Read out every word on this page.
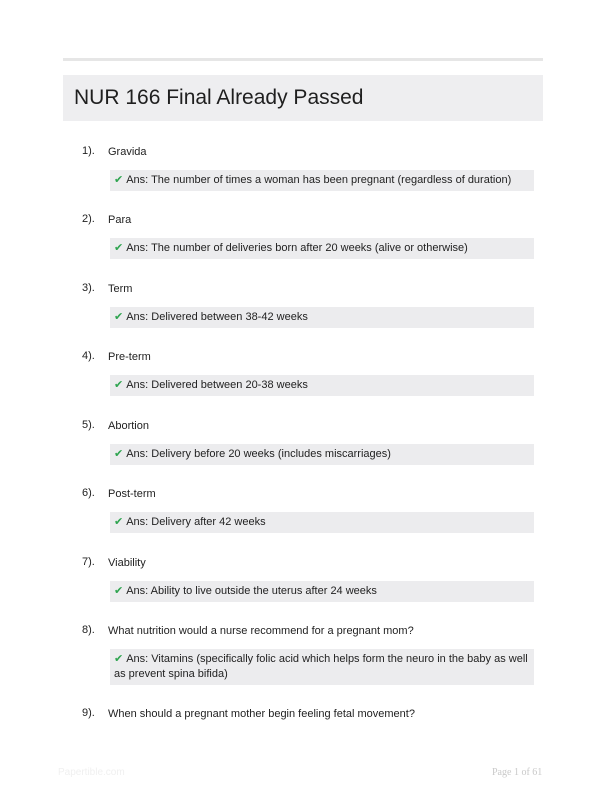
NUR 166 Final Already Passed
1). Gravida
✔ Ans: The number of times a woman has been pregnant (regardless of duration)
2). Para
✔ Ans: The number of deliveries born after 20 weeks (alive or otherwise)
3). Term
✔ Ans: Delivered between 38-42 weeks
4). Pre-term
✔ Ans: Delivered between 20-38 weeks
5). Abortion
✔ Ans: Delivery before 20 weeks (includes miscarriages)
6). Post-term
✔ Ans: Delivery after 42 weeks
7). Viability
✔ Ans: Ability to live outside the uterus after 24 weeks
8). What nutrition would a nurse recommend for a pregnant mom?
✔ Ans: Vitamins (specifically folic acid which helps form the neuro in the baby as well as prevent spina bifida)
9). When should a pregnant mother begin feeling fetal movement?
Papertible.com	Page 1 of 61
